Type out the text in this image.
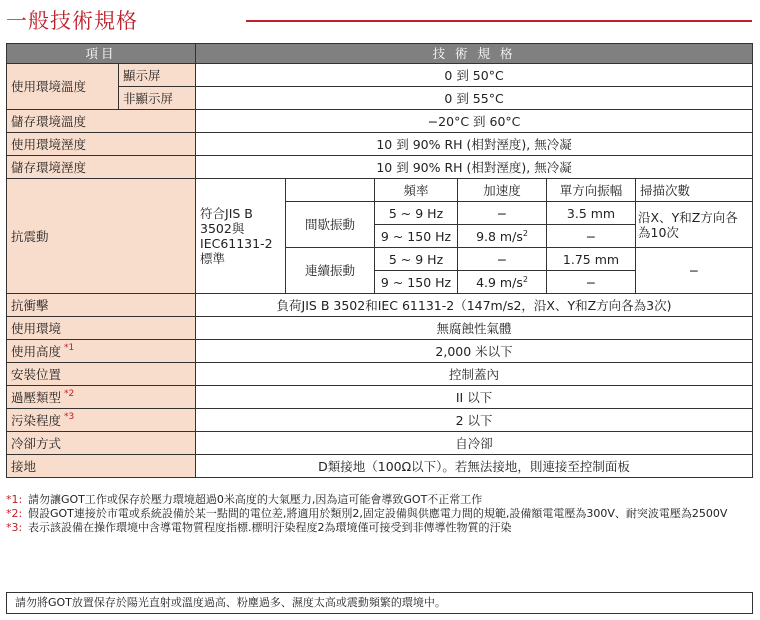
一般技術規格
項目		技 術 規 格					
使用環境溫度	顯示屏	0 到 50°C					
	非顯示屏	0 到 55°C					
儲存環境溫度		−20°C 到 60°C					
使用環境溼度		10 到 90% RH (相對溼度), 無冷凝					
儲存環境溼度		10 到 90% RH (相對溼度), 無冷凝					
抗震動		符合JIS B 3502與 IEC61131-2 標準		頻率	加速度	單方向振幅	掃描次數
			間歇振動	5 ~ 9 Hz	−	3.5 mm	沿X、Y和Z方向各為10次
				9 ~ 150 Hz	9.8 $m/s^2$	−	
			連續振動	5 ~ 9 Hz	−	1.75 mm	−
				9 ~ 150 Hz	4.9 $m/s^2$	−	
抗衝擊		負荷JIS B 3502和IEC 61131-2（147m/s2，沿X、Y和Z方向各為3次)					
使用環境		無腐蝕性氣體					
使用高度 $^{*1}$		2,000 米以下					
安裝位置		控制蓋內					
過壓類型 $^{*2}$		II 以下					
污染程度 $^{*3}$		2 以下					
冷卻方式		自冷卻					
接地		D類接地（100Ω以下）。若無法接地，則連接至控制面板					
*1: 請勿讓GOT工作或保存於壓力環境超過0米高度的大氣壓力,因為這可能會導致GOT不正常工作
*2: 假設GOT連接於市電或系統設備於某一點間的電位差,將適用於類別2,固定設備與供應電力間的規範,設備額電電壓為300V、耐突波電壓為2500V
*3: 表示該設備在操作環境中含導電物質程度指標.標明汙染程度2為環境僅可接受到非傳導性物質的汙染
請勿將GOT放置保存於陽光直射或溫度過高、粉塵過多、濕度太高或震動頻繁的環境中。
